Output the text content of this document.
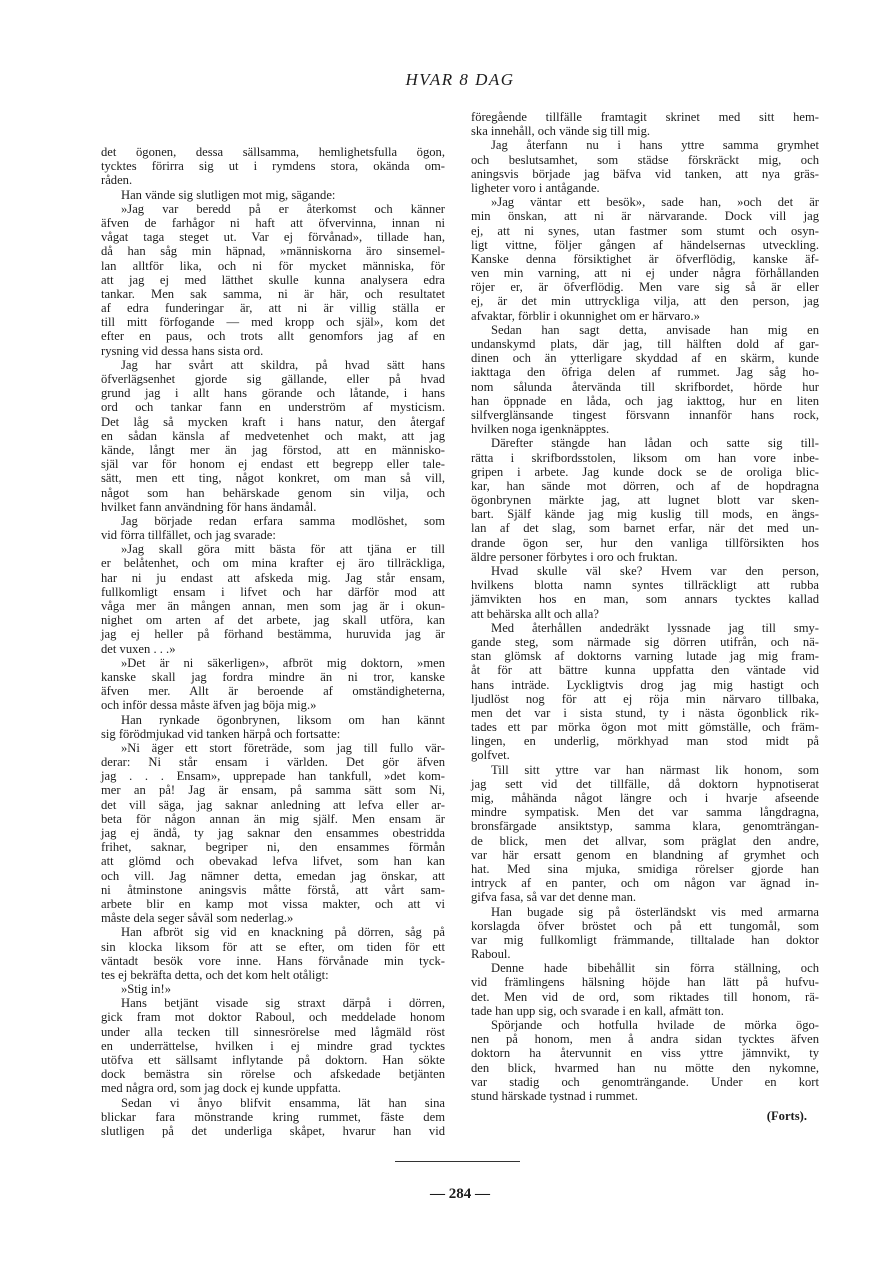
HVAR 8 DAG
det ögonen, dessa sällsamma, hemlighetsfulla ögon,
tycktes förirra sig ut i rymdens stora, okända om-
råden.
Han vände sig slutligen mot mig, sägande:
»Jag var beredd på er återkomst och känner
äfven de farhågor ni haft att öfvervinna, innan ni
vågat taga steget ut. Var ej förvånad», tillade han,
då han såg min häpnad, »människorna äro sinsemel-
lan alltför lika, och ni för mycket människa, för
att jag ej med lätthet skulle kunna analysera edra
tankar. Men sak samma, ni är här, och resultatet
af edra funderingar är, att ni är villig ställa er
till mitt förfogande — med kropp och själ», kom det
efter en paus, och trots allt genomfors jag af en
rysning vid dessa hans sista ord.
Jag har svårt att skildra, på hvad sätt hans
öfverlägsenhet gjorde sig gällande, eller på hvad
grund jag i allt hans görande och låtande, i hans
ord och tankar fann en underström af mysticism.
Det låg så mycken kraft i hans natur, den återgaf
en sådan känsla af medvetenhet och makt, att jag
kände, långt mer än jag förstod, att en människo-
själ var för honom ej endast ett begrepp eller tale-
sätt, men ett ting, något konkret, om man så vill,
något som han behärskade genom sin vilja, och
hvilket fann användning för hans ändamål.
Jag började redan erfara samma modlöshet, som
vid förra tillfället, och jag svarade:
»Jag skall göra mitt bästa för att tjäna er till
er belåtenhet, och om mina krafter ej äro tillräckliga,
har ni ju endast att afskeda mig. Jag står ensam,
fullkomligt ensam i lifvet och har därför mod att
våga mer än mången annan, men som jag är i okun-
nighet om arten af det arbete, jag skall utföra, kan
jag ej heller på förhand bestämma, huruvida jag är
det vuxen . . .»
»Det är ni säkerligen», afbröt mig doktorn, »men
kanske skall jag fordra mindre än ni tror, kanske
äfven mer. Allt är beroende af omständigheterna,
och inför dessa måste äfven jag böja mig.»
Han rynkade ögonbrynen, liksom om han kännt
sig förödmjukad vid tanken härpå och fortsatte:
»Ni äger ett stort företräde, som jag till fullo vär-
derar: Ni står ensam i världen. Det gör äfven
jag . . . Ensam», upprepade han tankfull, »det kom-
mer an på! Jag är ensam, på samma sätt som Ni,
det vill säga, jag saknar anledning att lefva eller ar-
beta för någon annan än mig själf. Men ensam är
jag ej ändå, ty jag saknar den ensammes obestridda
frihet, saknar, begriper ni, den ensammes förmån
att glömd och obevakad lefva lifvet, som han kan
och vill. Jag nämner detta, emedan jag önskar, att
ni åtminstone aningsvis måtte förstå, att vårt sam-
arbete blir en kamp mot vissa makter, och att vi
måste dela seger såväl som nederlag.»
Han afbröt sig vid en knackning på dörren, såg på
sin klocka liksom för att se efter, om tiden för ett
väntadt besök vore inne. Hans förvånade min tyck-
tes ej bekräfta detta, och det kom helt otåligt:
»Stig in!»
Hans betjänt visade sig straxt därpå i dörren,
gick fram mot doktor Raboul, och meddelade honom
under alla tecken till sinnesrörelse med lågmäld röst
en underrättelse, hvilken i ej mindre grad tycktes
utöfva ett sällsamt inflytande på doktorn. Han sökte
dock bemästra sin rörelse och afskedade betjänten
med några ord, som jag dock ej kunde uppfatta.
Sedan vi ånyo blifvit ensamma, lät han sina
blickar fara mönstrande kring rummet, fäste dem
slutligen på det underliga skåpet, hvarur han vid
föregående tillfälle framtagit skrinet med sitt hem-
ska innehåll, och vände sig till mig.
Jag återfann nu i hans yttre samma grymhet
och beslutsamhet, som städse förskräckt mig, och
aningsvis började jag bäfva vid tanken, att nya gräs-
ligheter voro i antågande.
»Jag väntar ett besök», sade han, »och det är
min önskan, att ni är närvarande. Dock vill jag
ej, att ni synes, utan fastmer som stumt och osyn-
ligt vittne, följer gången af händelsernas utveckling.
Kanske denna försiktighet är öfverflödig, kanske äf-
ven min varning, att ni ej under några förhållanden
röjer er, är öfverflödig. Men vare sig så är eller
ej, är det min uttryckliga vilja, att den person, jag
afvaktar, förblir i okunnighet om er härvaro.»
Sedan han sagt detta, anvisade han mig en
undanskymd plats, där jag, till hälften dold af gar-
dinen och än ytterligare skyddad af en skärm, kunde
iakttaga den öfriga delen af rummet. Jag såg ho-
nom sålunda återvända till skrifbordet, hörde hur
han öppnade en låda, och jag iakttog, hur en liten
silfverglänsande tingest försvann innanför hans rock,
hvilken noga igenknäpptes.
Därefter stängde han lådan och satte sig till-
rätta i skrifbordsstolen, liksom om han vore inbe-
gripen i arbete. Jag kunde dock se de oroliga blic-
kar, han sände mot dörren, och af de hopdragna
ögonbrynen märkte jag, att lugnet blott var sken-
bart. Själf kände jag mig kuslig till mods, en ängs-
lan af det slag, som barnet erfar, när det med un-
drande ögon ser, hur den vanliga tillförsikten hos
äldre personer förbytes i oro och fruktan.
Hvad skulle väl ske? Hvem var den person,
hvilkens blotta namn syntes tillräckligt att rubba
jämvikten hos en man, som annars tycktes kallad
att behärska allt och alla?
Med återhållen andedräkt lyssnade jag till smy-
gande steg, som närmade sig dörren utifrån, och nä-
stan glömsk af doktorns varning lutade jag mig fram-
åt för att bättre kunna uppfatta den väntade vid
hans inträde. Lyckligtvis drog jag mig hastigt och
ljudlöst nog för att ej röja min närvaro tillbaka,
men det var i sista stund, ty i nästa ögonblick rik-
tades ett par mörka ögon mot mitt gömställe, och främ-
lingen, en underlig, mörkhyad man stod midt på
golfvet.
Till sitt yttre var han närmast lik honom, som
jag sett vid det tillfälle, då doktorn hypnotiserat
mig, måhända något längre och i hvarje afseende
mindre sympatisk. Men det var samma långdragna,
bronsfärgade ansiktstyp, samma klara, genomträngan-
de blick, men det allvar, som präglat den andre,
var här ersatt genom en blandning af grymhet och
hat. Med sina mjuka, smidiga rörelser gjorde han
intryck af en panter, och om någon var ägnad in-
gifva fasa, så var det denne man.
Han bugade sig på österländskt vis med armarna
korslagda öfver bröstet och på ett tungomål, som
var mig fullkomligt främmande, tilltalade han doktor
Raboul.
Denne hade bibehållit sin förra ställning, och
vid främlingens hälsning höjde han lätt på hufvu-
det. Men vid de ord, som riktades till honom, rä-
tade han upp sig, och svarade i en kall, afmätt ton.
Spörjande och hotfulla hvilade de mörka ögo-
nen på honom, men å andra sidan tycktes äfven
doktorn ha återvunnit en viss yttre jämnvikt, ty
den blick, hvarmed han nu mötte den nykomne,
var stadig och genomträngande. Under en kort
stund härskade tystnad i rummet.
(Forts).
— 284 —
